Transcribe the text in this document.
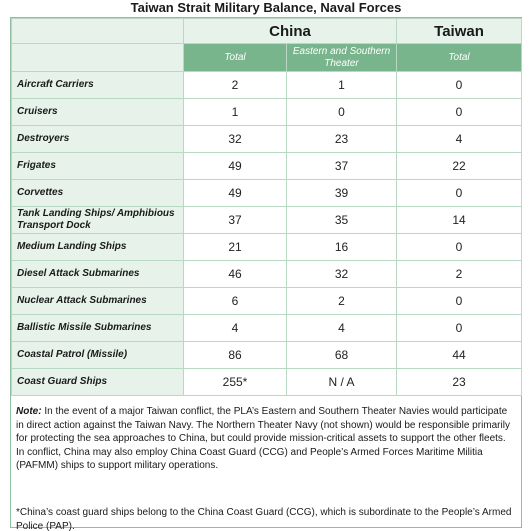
Taiwan Strait Military Balance, Naval Forces
	China		Taiwan
	Total	Eastern and Southern Theater	Total
Aircraft Carriers	2	1	0
Cruisers	1	0	0
Destroyers	32	23	4
Frigates	49	37	22
Corvettes	49	39	0
Tank Landing Ships/ Amphibious Transport Dock	37	35	14
Medium Landing Ships	21	16	0
Diesel Attack Submarines	46	32	2
Nuclear Attack Submarines	6	2	0
Ballistic Missile Submarines	4	4	0
Coastal Patrol (Missile)	86	68	44
Coast Guard Ships	255*	N / A	23

Note: In the event of a major Taiwan conflict, the PLA’s Eastern and Southern Theater Navies would participate in direct action against the Taiwan Navy. The Northern Theater Navy (not shown) would be responsible primarily for protecting the sea approaches to China, but could provide mission-critical assets to support the other fleets. In conflict, China may also employ China Coast Guard (CCG) and People’s Armed Forces Maritime Militia (PAFMM) ships to support military operations.

*China’s coast guard ships belong to the China Coast Guard (CCG), which is subordinate to the People’s Armed Police (PAP).
